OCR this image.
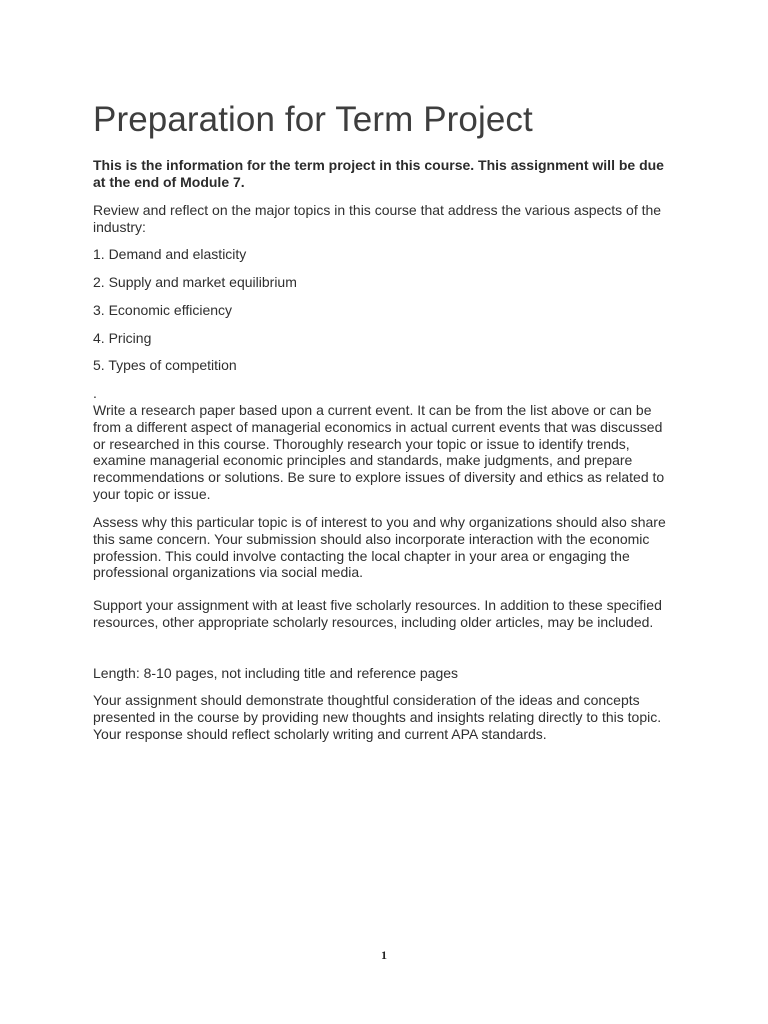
Preparation for Term Project

This is the information for the term project in this course. This assignment will be due at the end of Module 7.

Review and reflect on the major topics in this course that address the various aspects of the industry:

1. Demand and elasticity

2. Supply and market equilibrium

3. Economic efficiency

4. Pricing

5. Types of competition

.

Write a research paper based upon a current event. It can be from the list above or can be from a different aspect of managerial economics in actual current events that was discussed or researched in this course. Thoroughly research your topic or issue to identify trends, examine managerial economic principles and standards, make judgments, and prepare recommendations or solutions. Be sure to explore issues of diversity and ethics as related to your topic or issue.

Assess why this particular topic is of interest to you and why organizations should also share this same concern. Your submission should also incorporate interaction with the economic profession. This could involve contacting the local chapter in your area or engaging the professional organizations via social media.

Support your assignment with at least five scholarly resources. In addition to these specified resources, other appropriate scholarly resources, including older articles, may be included.

Length: 8-10 pages, not including title and reference pages

Your assignment should demonstrate thoughtful consideration of the ideas and concepts presented in the course by providing new thoughts and insights relating directly to this topic. Your response should reflect scholarly writing and current APA standards.

1
